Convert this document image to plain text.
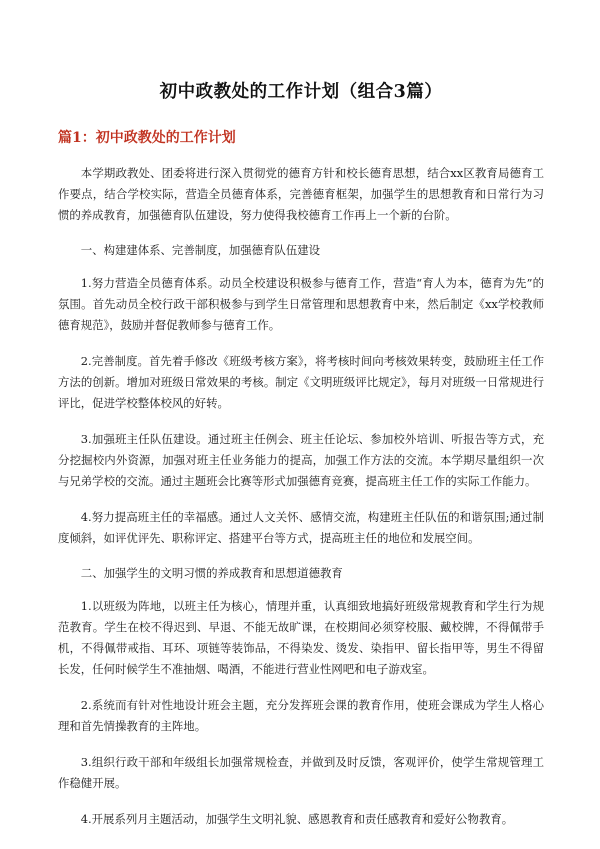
初中政教处的工作计划（组合3篇）
篇1：初中政教处的工作计划

本学期政教处、团委将进行深入贯彻党的德育方针和校长德育思想，结合xx区教育局德育工作要点，结合学校实际，营造全员德育体系，完善德育框架，加强学生的思想教育和日常行为习惯的养成教育，加强德育队伍建设，努力使得我校德育工作再上一个新的台阶。

一、构建建体系、完善制度，加强德育队伍建设

1.努力营造全员德育体系。动员全校建设积极参与德育工作，营造“育人为本，德育为先”的氛围。首先动员全校行政干部积极参与到学生日常管理和思想教育中来，然后制定《xx学校教师德育规范》，鼓励并督促教师参与德育工作。

2.完善制度。首先着手修改《班级考核方案》，将考核时间向考核效果转变，鼓励班主任工作方法的创新。增加对班级日常效果的考核。制定《文明班级评比规定》，每月对班级一日常规进行评比，促进学校整体校风的好转。

3.加强班主任队伍建设。通过班主任例会、班主任论坛、参加校外培训、听报告等方式，充分挖掘校内外资源，加强对班主任业务能力的提高，加强工作方法的交流。本学期尽量组织一次与兄弟学校的交流。通过主题班会比赛等形式加强德育竞赛，提高班主任工作的实际工作能力。

4.努力提高班主任的幸福感。通过人文关怀、感情交流，构建班主任队伍的和谐氛围;通过制度倾斜，如评优评先、职称评定、搭建平台等方式，提高班主任的地位和发展空间。

二、加强学生的文明习惯的养成教育和思想道德教育

1.以班级为阵地，以班主任为核心，情理并重，认真细致地搞好班级常规教育和学生行为规范教育。学生在校不得迟到、早退、不能无故旷课，在校期间必须穿校服、戴校牌，不得佩带手机，不得佩带戒指、耳环、项链等装饰品，不得染发、烫发、染指甲、留长指甲等，男生不得留长发，任何时候学生不准抽烟、喝酒，不能进行营业性网吧和电子游戏室。

2.系统而有针对性地设计班会主题，充分发挥班会课的教育作用，使班会课成为学生人格心理和首先情操教育的主阵地。

3.组织行政干部和年级组长加强常规检查，并做到及时反馈，客观评价，使学生常规管理工作稳健开展。

4.开展系列月主题活动，加强学生文明礼貌、感恩教育和责任感教育和爱好公物教育。
